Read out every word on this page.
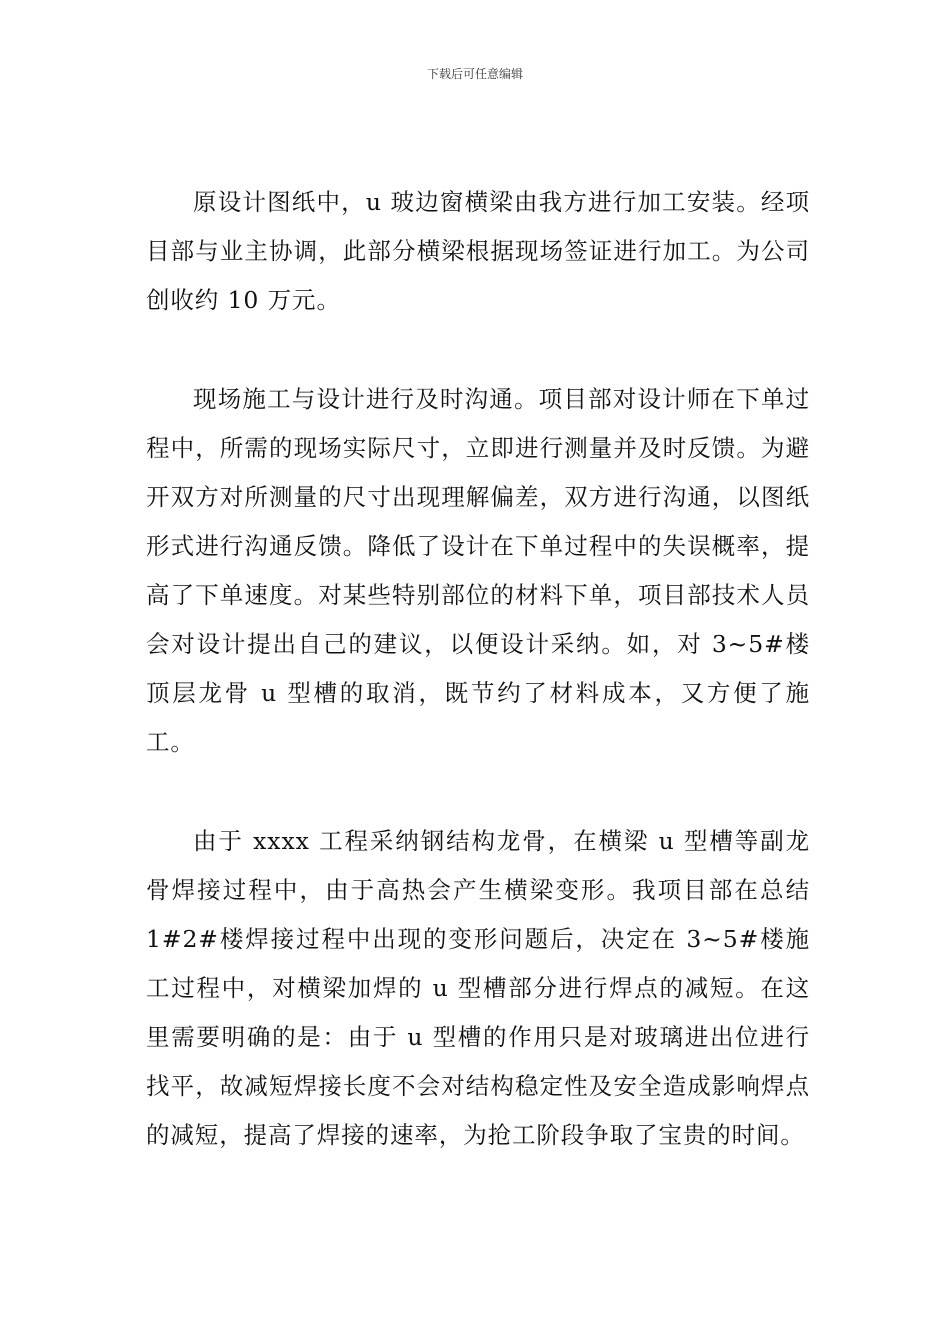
下载后可任意编辑

原设计图纸中，u 玻边窗横梁由我方进行加工安装。经项目部与业主协调，此部分横梁根据现场签证进行加工。为公司创收约 10 万元。

现场施工与设计进行及时沟通。项目部对设计师在下单过程中，所需的现场实际尺寸，立即进行测量并及时反馈。为避开双方对所测量的尺寸出现理解偏差，双方进行沟通，以图纸形式进行沟通反馈。降低了设计在下单过程中的失误概率，提高了下单速度。对某些特别部位的材料下单，项目部技术人员会对设计提出自己的建议，以便设计采纳。如，对 3~5#楼顶层龙骨 u 型槽的取消，既节约了材料成本，又方便了施工。

由于 xxxx 工程采纳钢结构龙骨，在横梁 u 型槽等副龙骨焊接过程中，由于高热会产生横梁变形。我项目部在总结 1#2#楼焊接过程中出现的变形问题后，决定在 3~5#楼施工过程中，对横梁加焊的 u 型槽部分进行焊点的减短。在这里需要明确的是：由于 u 型槽的作用只是对玻璃进出位进行找平，故减短焊接长度不会对结构稳定性及安全造成影响焊点的减短，提高了焊接的速率，为抢工阶段争取了宝贵的时间。
